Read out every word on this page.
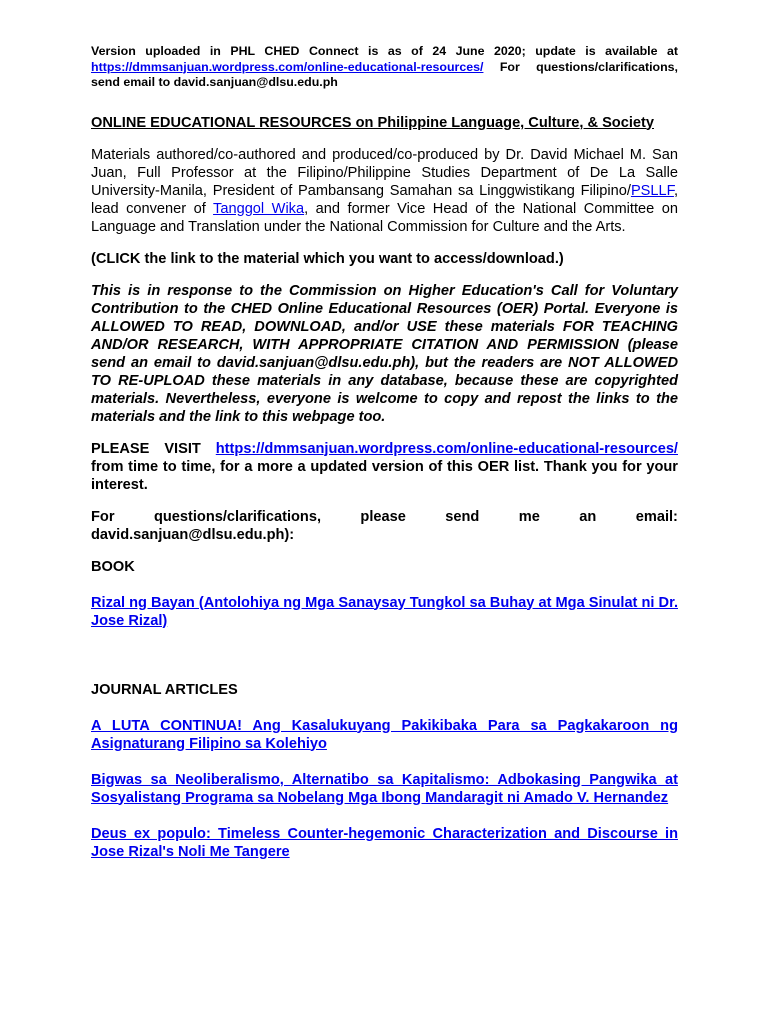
Version uploaded in PHL CHED Connect is as of 24 June 2020; update is available at https://dmmsanjuan.wordpress.com/online-educational-resources/ For questions/clarifications, send email to david.sanjuan@dlsu.edu.ph

ONLINE EDUCATIONAL RESOURCES on Philippine Language, Culture, & Society

Materials authored/co-authored and produced/co-produced by Dr. David Michael M. San Juan, Full Professor at the Filipino/Philippine Studies Department of De La Salle University-Manila, President of Pambansang Samahan sa Linggwistikang Filipino/PSLLF, lead convener of Tanggol Wika, and former Vice Head of the National Committee on Language and Translation under the National Commission for Culture and the Arts.

(CLICK the link to the material which you want to access/download.)

This is in response to the Commission on Higher Education's Call for Voluntary Contribution to the CHED Online Educational Resources (OER) Portal. Everyone is ALLOWED TO READ, DOWNLOAD, and/or USE these materials FOR TEACHING AND/OR RESEARCH, WITH APPROPRIATE CITATION AND PERMISSION (please send an email to david.sanjuan@dlsu.edu.ph), but the readers are NOT ALLOWED TO RE-UPLOAD these materials in any database, because these are copyrighted materials. Nevertheless, everyone is welcome to copy and repost the links to the materials and the link to this webpage too.

PLEASE VISIT https://dmmsanjuan.wordpress.com/online-educational-resources/ from time to time, for a more a updated version of this OER list. Thank you for your interest.

For	questions/clarifications,	please	send	me	an	email:
david.sanjuan@dlsu.edu.ph):

BOOK

Rizal ng Bayan (Antolohiya ng Mga Sanaysay Tungkol sa Buhay at Mga Sinulat ni Dr. Jose Rizal)

JOURNAL ARTICLES

A LUTA CONTINUA! Ang Kasalukuyang Pakikibaka Para sa Pagkakaroon ng Asignaturang Filipino sa Kolehiyo

Bigwas sa Neoliberalismo, Alternatibo sa Kapitalismo: Adbokasing Pangwika at Sosyalistang Programa sa Nobelang Mga Ibong Mandaragit ni Amado V. Hernandez

Deus ex populo: Timeless Counter-hegemonic Characterization and Discourse in Jose Rizal's Noli Me Tangere
